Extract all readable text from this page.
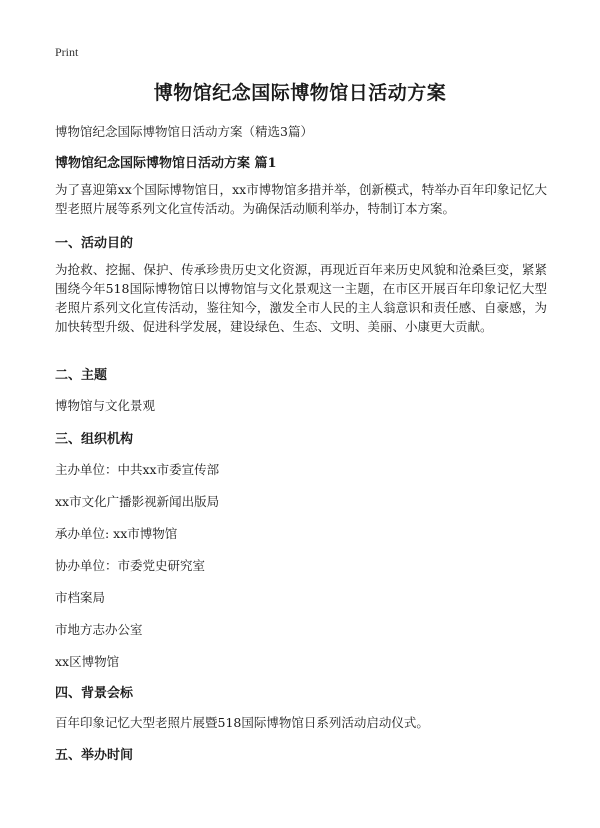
Print
博物馆纪念国际博物馆日活动方案
博物馆纪念国际博物馆日活动方案（精选3篇）
博物馆纪念国际博物馆日活动方案 篇1
为了喜迎第xx个国际博物馆日，xx市博物馆多措并举，创新模式，特举办百年印象记忆大型老照片展等系列文化宣传活动。为确保活动顺利举办，特制订本方案。
一、活动目的
为抢救、挖掘、保护、传承珍贵历史文化资源，再现近百年来历史风貌和沧桑巨变，紧紧围绕今年518国际博物馆日以博物馆与文化景观这一主题，在市区开展百年印象记忆大型老照片系列文化宣传活动，鉴往知今，激发全市人民的主人翁意识和责任感、自豪感，为加快转型升级、促进科学发展，建设绿色、生态、文明、美丽、小康更大贡献。
二、主题
博物馆与文化景观
三、组织机构
主办单位：中共xx市委宣传部
xx市文化广播影视新闻出版局
承办单位: xx市博物馆
协办单位：市委党史研究室
市档案局
市地方志办公室
xx区博物馆
四、背景会标
百年印象记忆大型老照片展暨518国际博物馆日系列活动启动仪式。
五、举办时间
